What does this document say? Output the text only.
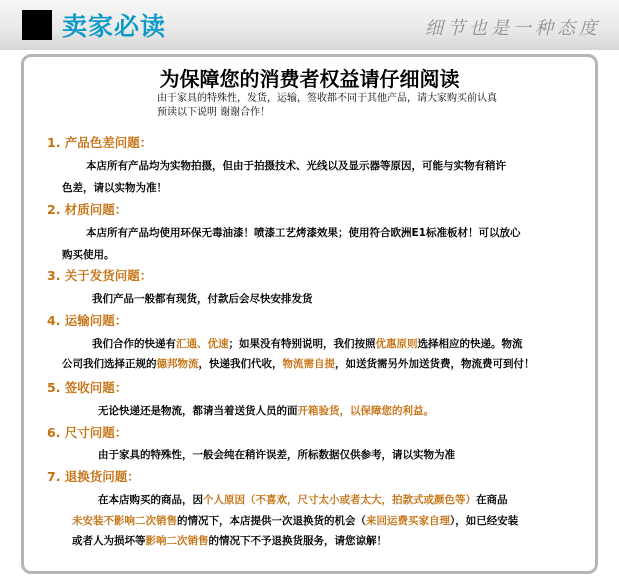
卖家必读	细节也是一种态度
为保障您的消费者权益请仔细阅读
由于家具的特殊性，发货，运输，签收都不同于其他产品，请大家购买前认真
预读以下说明 谢谢合作！
1. 产品色差问题：
本店所有产品均为实物拍摄，但由于拍摄技术、光线以及显示器等原因，可能与实物有稍许
色差，请以实物为准！
2. 材质问题：
本店所有产品均使用环保无毒油漆！喷漆工艺烤漆效果；使用符合欧洲E1标准板材！可以放心
购买使用。
3. 关于发货问题：
我们产品一般都有现货，付款后会尽快安排发货
4. 运输问题：
我们合作的快递有汇通、优速；如果没有特别说明，我们按照优惠原则选择相应的快递。物流
公司我们选择正规的德邦物流，快递我们代收，物流需自提，如送货需另外加送货费，物流费可到付！
5. 签收问题：
无论快递还是物流，都请当着送货人员的面开箱验货，以保障您的利益。
6. 尺寸问题：
由于家具的特殊性，一般会纯在稍许误差，所标数据仅供参考，请以实物为准
7. 退换货问题：
在本店购买的商品，因个人原因（不喜欢，尺寸太小或者太大，拍款式或颜色等）在商品
未安装不影响二次销售的情况下，本店提供一次退换货的机会（来回运费买家自理），如已经安装
或者人为损坏等影响二次销售的情况下不予退换货服务，请您谅解！
